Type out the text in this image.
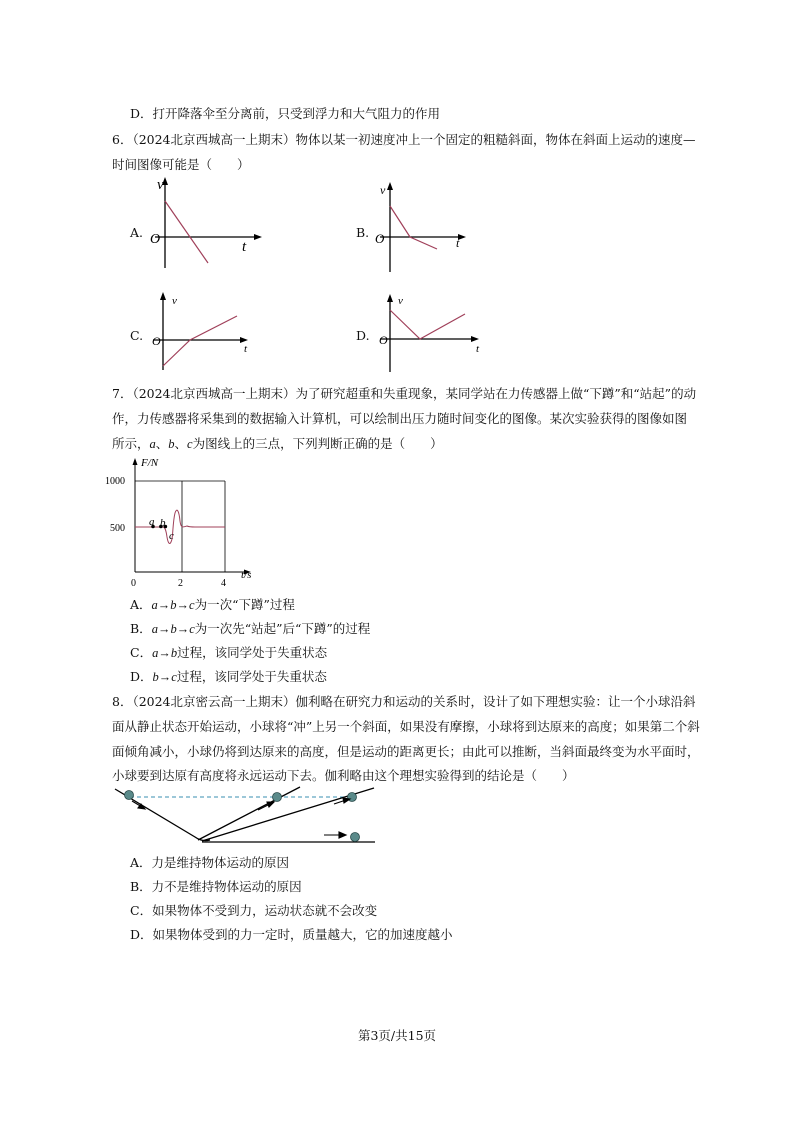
D．打开降落伞至分离前，只受到浮力和大气阻力的作用
6．（2024北京西城高一上期末）物体以某一初速度冲上一个固定的粗糙斜面，物体在斜面上运动的速度—
时间图像可能是（　　）
A.
v
t
O	B.
v
t
O
C.
v
t
O	D.
v
t
O
7．（2024北京西城高一上期末）为了研究超重和失重现象，某同学站在力传感器上做“下蹲”和“站起”的动
作，力传感器将采集到的数据输入计算机，可以绘制出压力随时间变化的图像。某次实验获得的图像如图
所示，a、b、c为图线上的三点，下列判断正确的是（　　）
F/N
t/s
500
1000
0	2	4
a b
c
A．a→b→c为一次“下蹲”过程
B．a→b→c为一次先“站起”后“下蹲”的过程
C．a→b过程，该同学处于失重状态
D．b→c过程，该同学处于失重状态
8．（2024北京密云高一上期末）伽利略在研究力和运动的关系时，设计了如下理想实验：让一个小球沿斜
面从静止状态开始运动，小球将“冲”上另一个斜面，如果没有摩擦，小球将到达原来的高度；如果第二个斜
面倾角减小，小球仍将到达原来的高度，但是运动的距离更长；由此可以推断，当斜面最终变为水平面时，
小球要到达原有高度将永远运动下去。伽利略由这个理想实验得到的结论是（　　）
A．力是维持物体运动的原因
B．力不是维持物体运动的原因
C．如果物体不受到力，运动状态就不会改变
D．如果物体受到的力一定时，质量越大，它的加速度越小
第3页/共15页
